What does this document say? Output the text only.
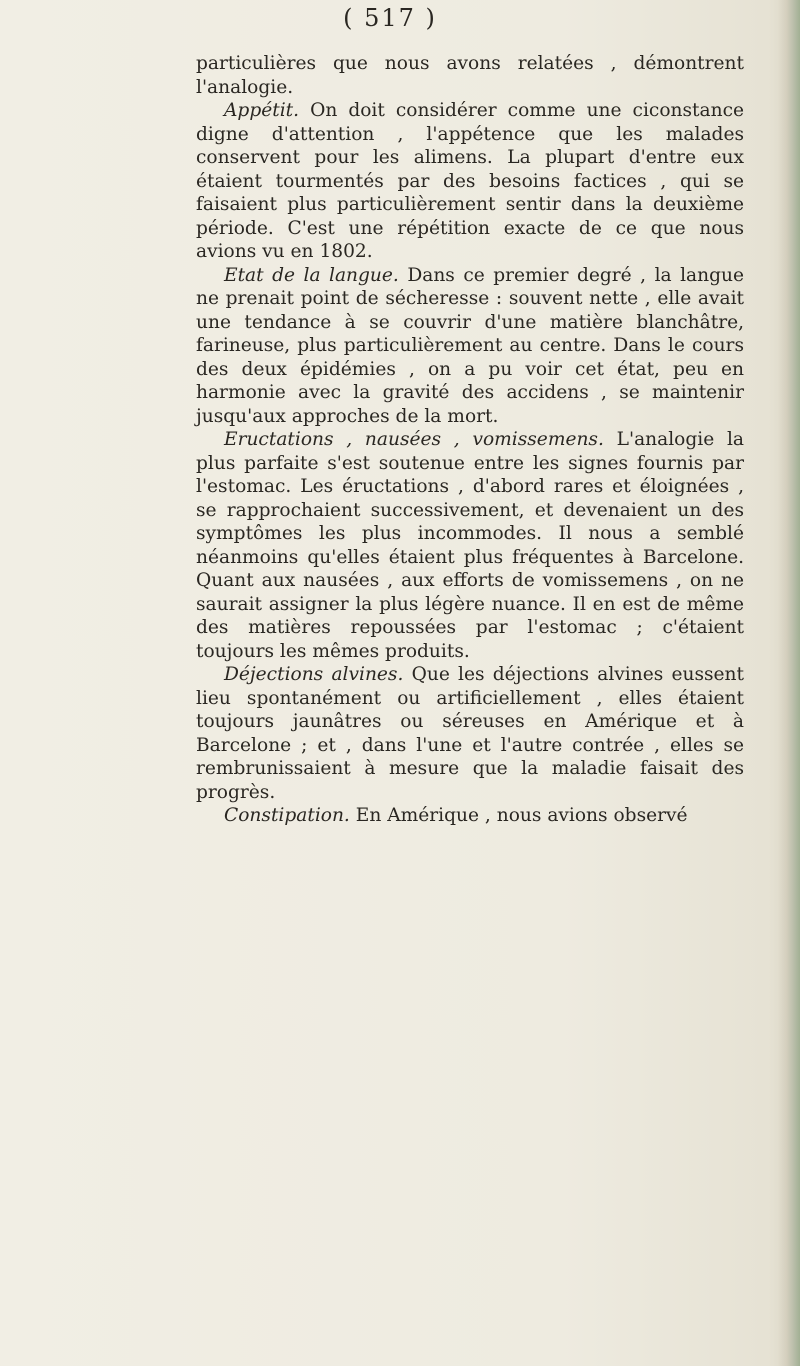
( 517 )

particulières que nous avons relatées , démontrent l'analogie.

Appétit. On doit considérer comme une ciconstance digne d'attention , l'appétence que les malades conservent pour les alimens. La plupart d'entre eux étaient tourmentés par des besoins factices , qui se faisaient plus particulièrement sentir dans la deuxième période. C'est une répétition exacte de ce que nous avions vu en 1802.

Etat de la langue. Dans ce premier degré , la langue ne prenait point de sécheresse : souvent nette , elle avait une tendance à se couvrir d'une matière blanchâtre, farineuse, plus particulièrement au centre. Dans le cours des deux épidémies , on a pu voir cet état, peu en harmonie avec la gravité des accidens , se maintenir jusqu'aux approches de la mort.

Eructations , nausées , vomissemens. L'analogie la plus parfaite s'est soutenue entre les signes fournis par l'estomac. Les éructations , d'abord rares et éloignées , se rapprochaient successivement, et devenaient un des symptômes les plus incommodes. Il nous a semblé néanmoins qu'elles étaient plus fréquentes à Barcelone. Quant aux nausées , aux efforts de vomissemens , on ne saurait assigner la plus légère nuance. Il en est de même des matières repoussées par l'estomac ; c'étaient toujours les mêmes produits.

Déjections alvines. Que les déjections alvines eussent lieu spontanément ou artificiellement , elles étaient toujours jaunâtres ou séreuses en Amérique et à Barcelone ; et , dans l'une et l'autre contrée , elles se rembrunissaient à mesure que la maladie faisait des progrès.

Constipation. En Amérique , nous avions observé
